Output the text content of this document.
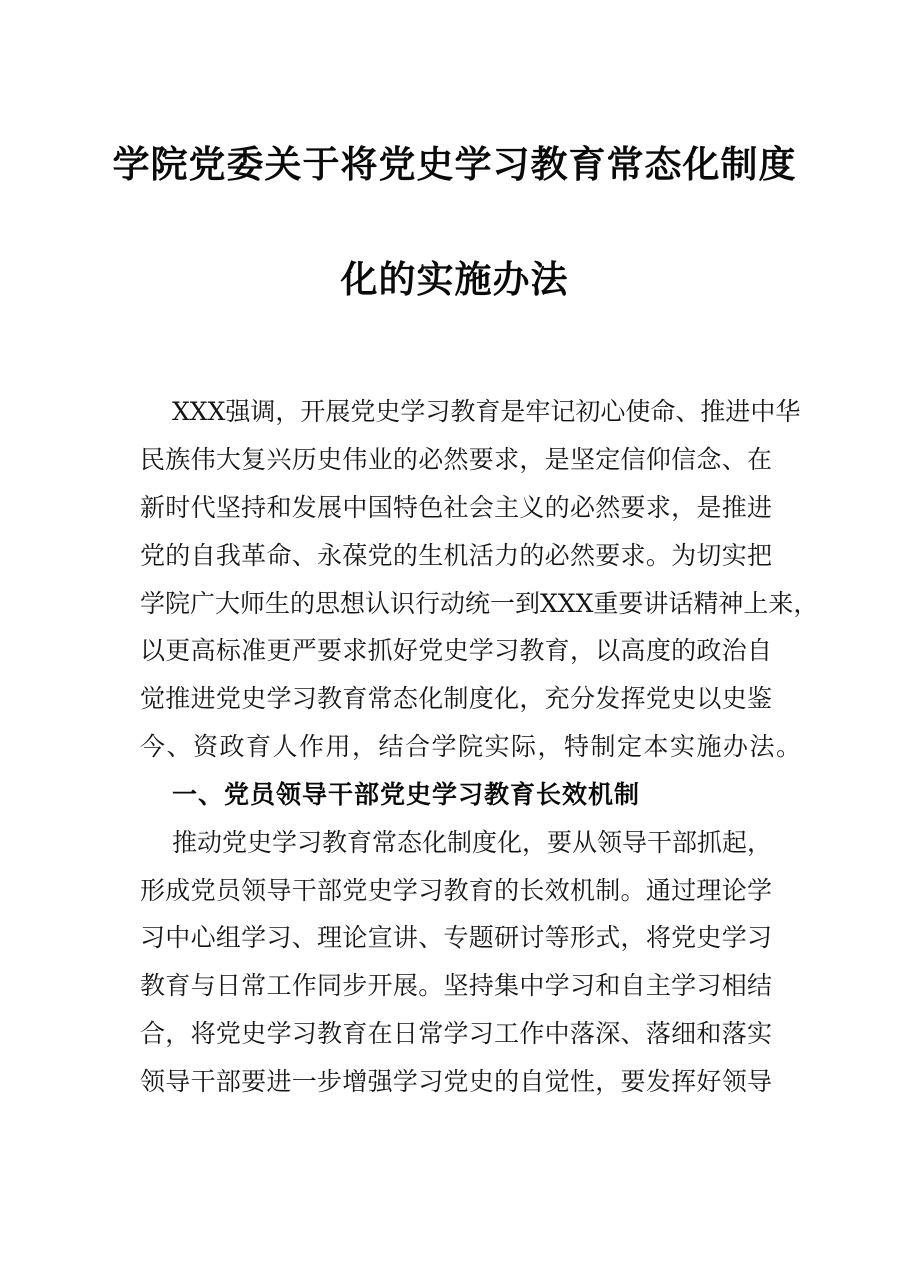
学院党委关于将党史学习教育常态化制度
化的实施办法
XXX强调，开展党史学习教育是牢记初心使命、推进中华
民族伟大复兴历史伟业的必然要求，是坚定信仰信念、在
新时代坚持和发展中国特色社会主义的必然要求，是推进
党的自我革命、永葆党的生机活力的必然要求。为切实把
学院广大师生的思想认识行动统一到XXX重要讲话精神上来，
以更高标准更严要求抓好党史学习教育，以高度的政治自
觉推进党史学习教育常态化制度化，充分发挥党史以史鉴
今、资政育人作用，结合学院实际，特制定本实施办法。
一、党员领导干部党史学习教育长效机制
推动党史学习教育常态化制度化，要从领导干部抓起，
形成党员领导干部党史学习教育的长效机制。通过理论学
习中心组学习、理论宣讲、专题研讨等形式，将党史学习
教育与日常工作同步开展。坚持集中学习和自主学习相结
合，将党史学习教育在日常学习工作中落深、落细和落实
领导干部要进一步增强学习党史的自觉性，要发挥好领导
